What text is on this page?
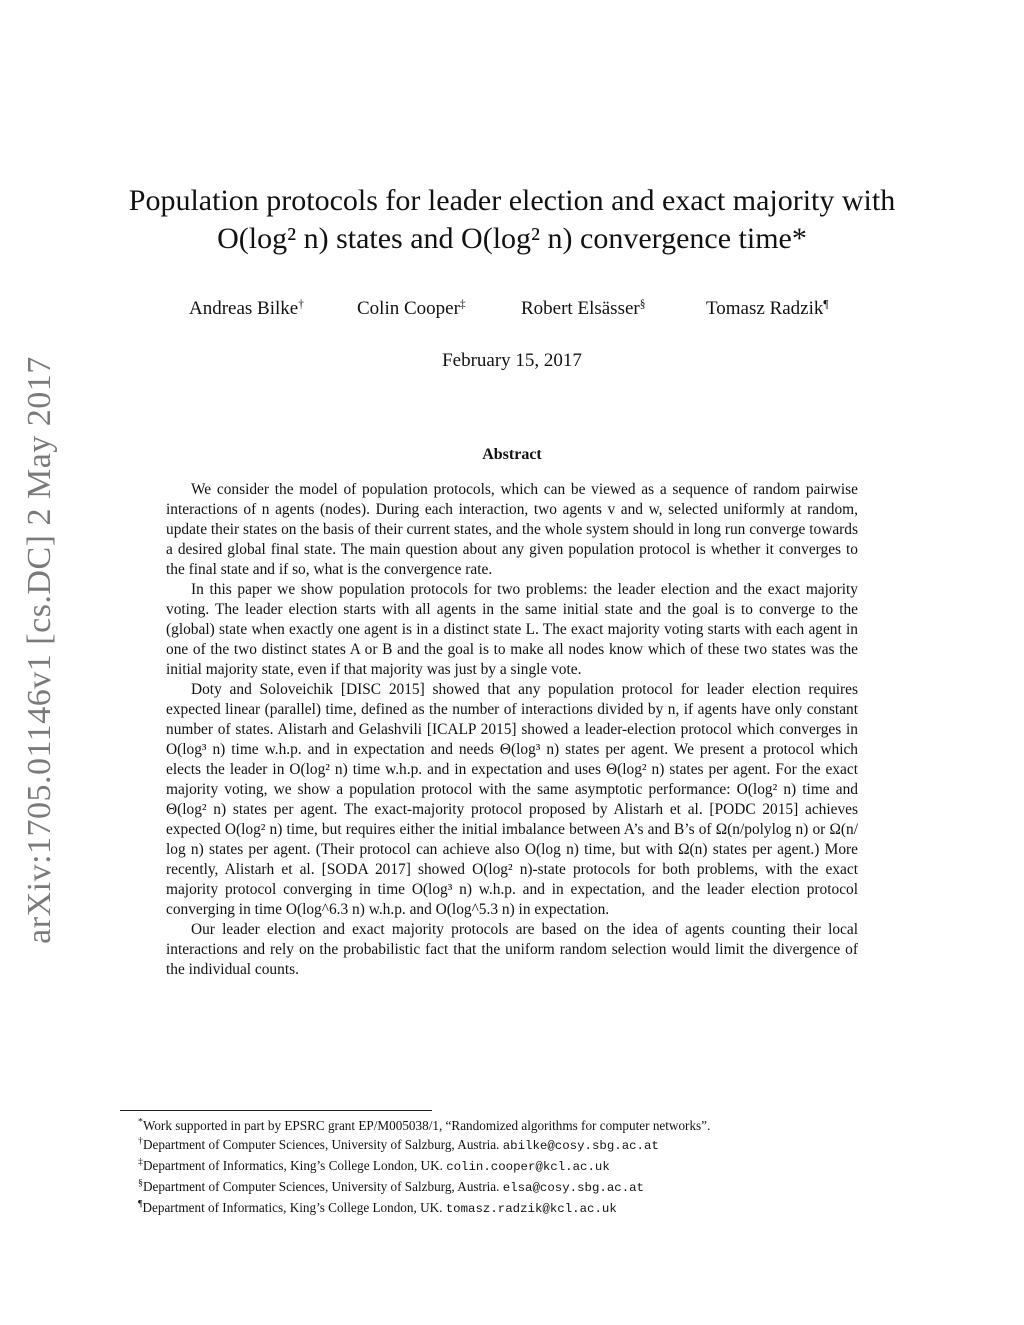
arXiv:1705.01146v1 [cs.DC] 2 May 2017
Population protocols for leader election and exact majority with
O(log² n) states and O(log² n) convergence time*
Andreas Bilke†	Colin Cooper‡	Robert Elsässer§	Tomasz Radzik¶
February 15, 2017
Abstract

We consider the model of population protocols, which can be viewed as a sequence of random pairwise interactions of n agents (nodes). During each interaction, two agents v and w, selected uniformly at random, update their states on the basis of their current states, and the whole system should in long run converge towards a desired global final state. The main question about any given population protocol is whether it converges to the final state and if so, what is the convergence rate.

In this paper we show population protocols for two problems: the leader election and the exact majority voting. The leader election starts with all agents in the same initial state and the goal is to converge to the (global) state when exactly one agent is in a distinct state L. The exact majority voting starts with each agent in one of the two distinct states A or B and the goal is to make all nodes know which of these two states was the initial majority state, even if that majority was just by a single vote.

Doty and Soloveichik [DISC 2015] showed that any population protocol for leader election requires expected linear (parallel) time, defined as the number of interactions divided by n, if agents have only constant number of states. Alistarh and Gelashvili [ICALP 2015] showed a leader-election protocol which converges in O(log³ n) time w.h.p. and in expectation and needs Θ(log³ n) states per agent. We present a protocol which elects the leader in O(log² n) time w.h.p. and in expectation and uses Θ(log² n) states per agent. For the exact majority voting, we show a population protocol with the same asymptotic performance: O(log² n) time and Θ(log² n) states per agent. The exact-majority protocol proposed by Alistarh et al. [PODC 2015] achieves expected O(log² n) time, but requires either the initial imbalance between A’s and B’s of Ω(n/polylog n) or Ω(n/ log n) states per agent. (Their protocol can achieve also O(log n) time, but with Ω(n) states per agent.) More recently, Alistarh et al. [SODA 2017] showed O(log² n)-state protocols for both problems, with the exact majority protocol converging in time O(log³ n) w.h.p. and in expectation, and the leader election protocol converging in time O(log^6.3 n) w.h.p. and O(log^5.3 n) in expectation.

Our leader election and exact majority protocols are based on the idea of agents counting their local interactions and rely on the probabilistic fact that the uniform random selection would limit the divergence of the individual counts.

*Work supported in part by EPSRC grant EP/M005038/1, “Randomized algorithms for computer networks”.
†Department of Computer Sciences, University of Salzburg, Austria. abilke@cosy.sbg.ac.at
‡Department of Informatics, King’s College London, UK. colin.cooper@kcl.ac.uk
§Department of Computer Sciences, University of Salzburg, Austria. elsa@cosy.sbg.ac.at
¶Department of Informatics, King’s College London, UK. tomasz.radzik@kcl.ac.uk
